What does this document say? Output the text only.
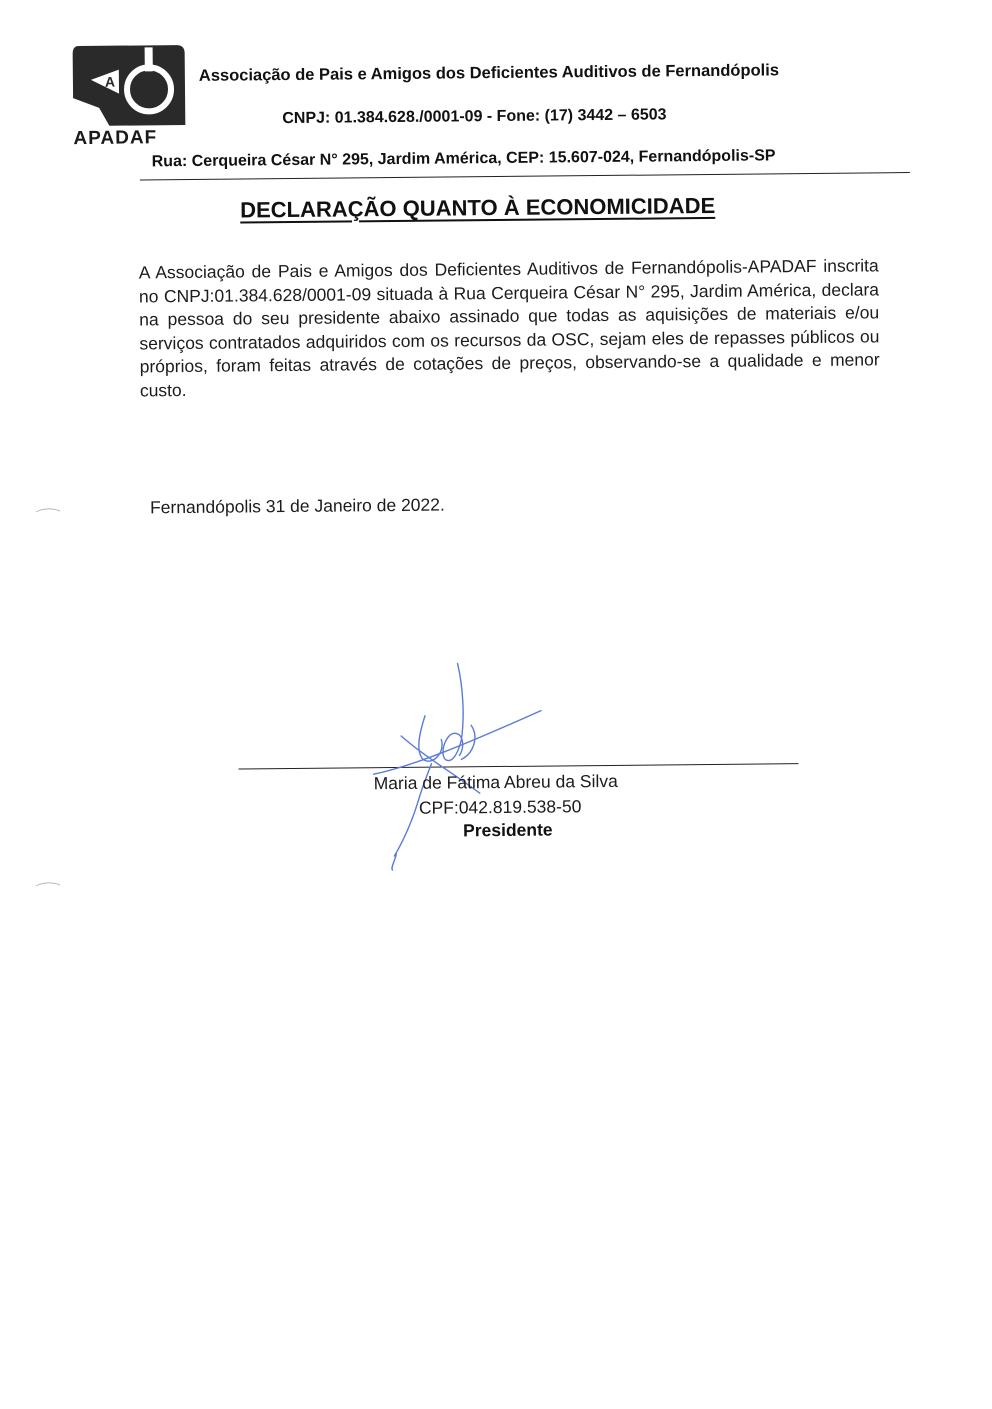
A
APADAF
Associação de Pais e Amigos dos Deficientes Auditivos de Fernandópolis
CNPJ: 01.384.628./0001-09 - Fone: (17) 3442 – 6503
Rua: Cerqueira César N° 295, Jardim América, CEP: 15.607-024, Fernandópolis-SP
DECLARAÇÃO QUANTO À ECONOMICIDADE
A Associação de Pais e Amigos dos Deficientes Auditivos de Fernandópolis-APADAF inscrita no CNPJ:01.384.628/0001-09 situada à Rua Cerqueira César N° 295, Jardim América, declara na pessoa do seu presidente abaixo assinado que todas as aquisições de materiais e/ou serviços contratados adquiridos com os recursos da OSC, sejam eles de repasses públicos ou próprios, foram feitas através de cotações de preços, observando-se a qualidade e menor custo.
Fernandópolis 31 de Janeiro de 2022.
Maria de Fátima Abreu da Silva
CPF:042.819.538-50
Presidente
